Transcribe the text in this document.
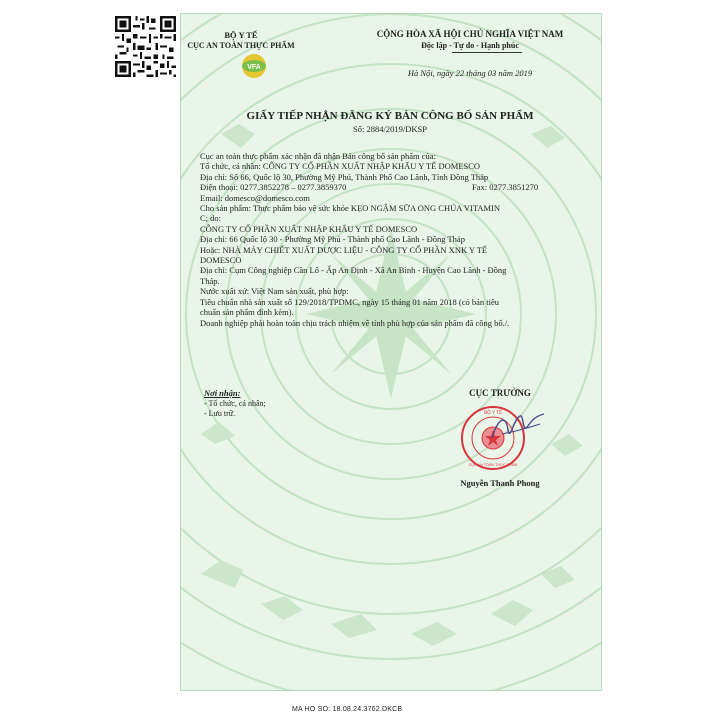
BỘ Y TẾ
CỤC AN TOÀN THỰC PHẨM
VFA
CỘNG HÒA XÃ HỘI CHỦ NGHĨA VIỆT NAM
Độc lập - Tự do - Hạnh phúc
Hà Nội, ngày 22 tháng 03 năm 2019
GIẤY TIẾP NHẬN ĐĂNG KÝ BẢN CÔNG BỐ SẢN PHẨM
Số: 2884/2019/DKSP
Cục an toàn thực phẩm xác nhận đã nhận Bản công bố sản phẩm của:
Tổ chức, cá nhân: CÔNG TY CỔ PHẦN XUẤT NHẬP KHẨU Y TẾ DOMESCO
Địa chỉ: Số 66, Quốc lộ 30, Phường Mỹ Phú, Thành Phố Cao Lãnh, Tỉnh Đồng Tháp
Điện thoại: 0277.3852278 – 0277.3859370	Fax: 0277.3851270
Email: domesco@domesco.com
Cho sản phẩm: Thực phẩm bảo vệ sức khỏe KẸO NGẬM SỮA ONG CHÚA VITAMIN
C; do:
CÔNG TY CỔ PHẦN XUẤT NHẬP KHẨU Y TẾ DOMESCO
Địa chỉ: 66 Quốc lộ 30 - Phường Mỹ Phú - Thành phố Cao Lãnh - Đồng Tháp
Hoặc: NHÀ MÁY CHIẾT XUẤT DƯỢC LIỆU - CÔNG TY CỔ PHẦN XNK Y TẾ
DOMESCO
Địa chỉ: Cụm Công nghiệp Cần Lố - Ấp An Định - Xã An Bình - Huyện Cao Lãnh - Đồng
Tháp.
Nước xuất xứ: Việt Nam sản xuất, phù hợp:
Tiêu chuẩn nhà sản xuất số 129/2018/TPDMC, ngày 15 tháng 01 năm 2018 (có bản tiêu
chuẩn sản phẩm đính kèm).
Doanh nghiệp phải hoàn toàn chịu trách nhiệm về tính phù hợp của sản phẩm đã công bố./.
Nơi nhận:
- Tổ chức, cá nhân;
- Lưu trữ.
CỤC TRƯỞNG
BỘ Y TẾ
CỤC AN TOÀN THỰC PHẨM
Nguyễn Thanh Phong
MA HO SO: 18.08.24.3762.DKCB
